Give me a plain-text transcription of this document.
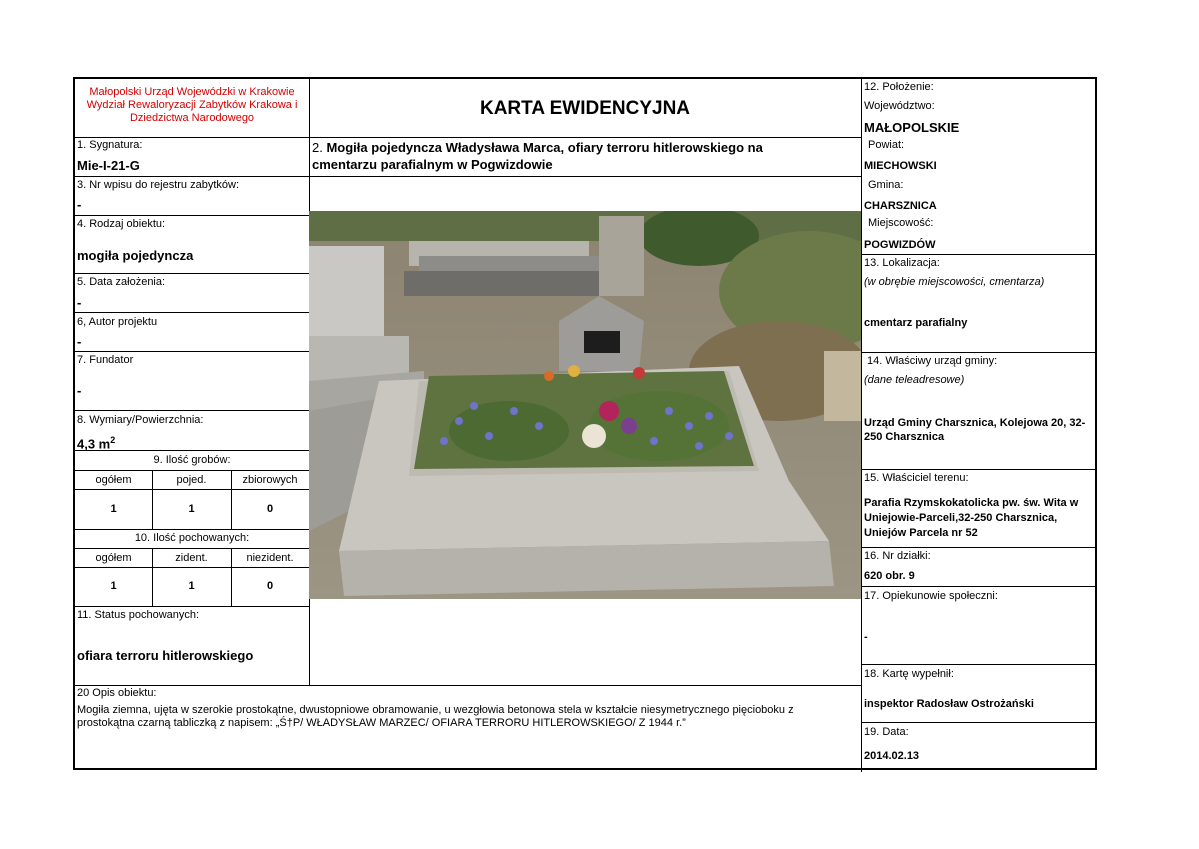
Małopolski Urząd Wojewódzki w Krakowie
Wydział Rewaloryzacji Zabytków Krakowa i
Dziedzictwa Narodowego	KARTA EWIDENCYJNA
1. Sygnatura:
Mie-I-21-G
3. Nr wpisu do rejestru zabytków:
-
4. Rodzaj obiektu:
mogiła pojedyncza
5. Data założenia:
-
6, Autor projektu
-
7. Fundator
-
8. Wymiary/Powierzchnia:
4,3 $m^2$
9. Ilość grobów:
ogółem	pojed.	zbiorowych
1	1	0
10. Ilość pochowanych:
ogółem	zident.	niezident.
1	1	0
11. Status pochowanych:
ofiara terroru hitlerowskiego
2. Mogiła pojedyncza Władysława Marca, ofiary terroru hitlerowskiego na
cmentarzu parafialnym w Pogwizdowie
12. Położenie:
Województwo:
MAŁOPOLSKIE
Powiat:
MIECHOWSKI
Gmina:
CHARSZNICA
Miejscowość:
POGWIZDÓW
13. Lokalizacja:
(w obrębie miejscowości, cmentarza)
cmentarz parafialny
14. Właściwy urząd gminy:
(dane teleadresowe)
Urząd Gminy Charsznica, Kolejowa 20, 32-
250 Charsznica
15. Właściciel terenu:
Parafia Rzymskokatolicka pw. św. Wita w
Uniejowie-Parceli,32-250 Charsznica,
Uniejów Parcela nr 52
16. Nr działki:
620 obr. 9
17. Opiekunowie społeczni:
-
18. Kartę wypełnił:
inspektor Radosław Ostrożański
19. Data:
2014.02.13
20 Opis obiektu:
Mogiła ziemna, ujęta w szerokie prostokątne, dwustopniowe obramowanie, u wezgłowia betonowa stela w kształcie niesymetrycznego pięcioboku z
prostokątna czarną tabliczką z napisem: „Ś†P/ WŁADYSŁAW MARZEC/ OFIARA TERRORU HITLEROWSKIEGO/ Z 1944 r.”
